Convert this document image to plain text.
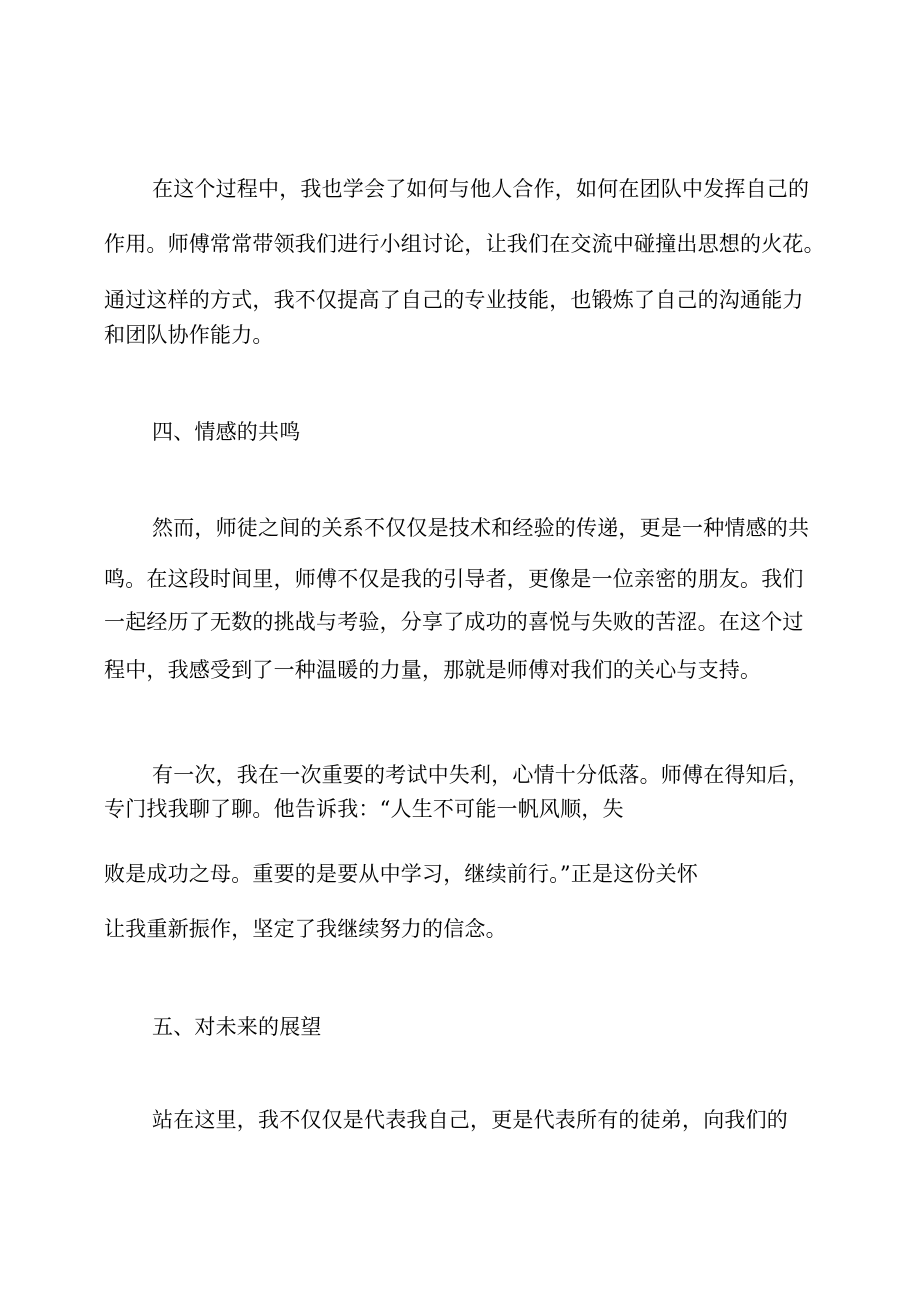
在这个过程中，我也学会了如何与他人合作，如何在团队中发挥自己的
作用。师傅常常带领我们进行小组讨论，让我们在交流中碰撞出思想的火花。
通过这样的方式，我不仅提高了自己的专业技能，也锻炼了自己的沟通能力
和团队协作能力。
四、情感的共鸣
然而，师徒之间的关系不仅仅是技术和经验的传递，更是一种情感的共
鸣。在这段时间里，师傅不仅是我的引导者，更像是一位亲密的朋友。我们
一起经历了无数的挑战与考验，分享了成功的喜悦与失败的苦涩。在这个过
程中，我感受到了一种温暖的力量，那就是师傅对我们的关心与支持。
有一次，我在一次重要的考试中失利，心情十分低落。师傅在得知后，
专门找我聊了聊。他告诉我：“人生不可能一帆风顺，失
败是成功之母。重要的是要从中学习，继续前行。”正是这份关怀
让我重新振作，坚定了我继续努力的信念。
五、对未来的展望
站在这里，我不仅仅是代表我自己，更是代表所有的徒弟，向我们的
